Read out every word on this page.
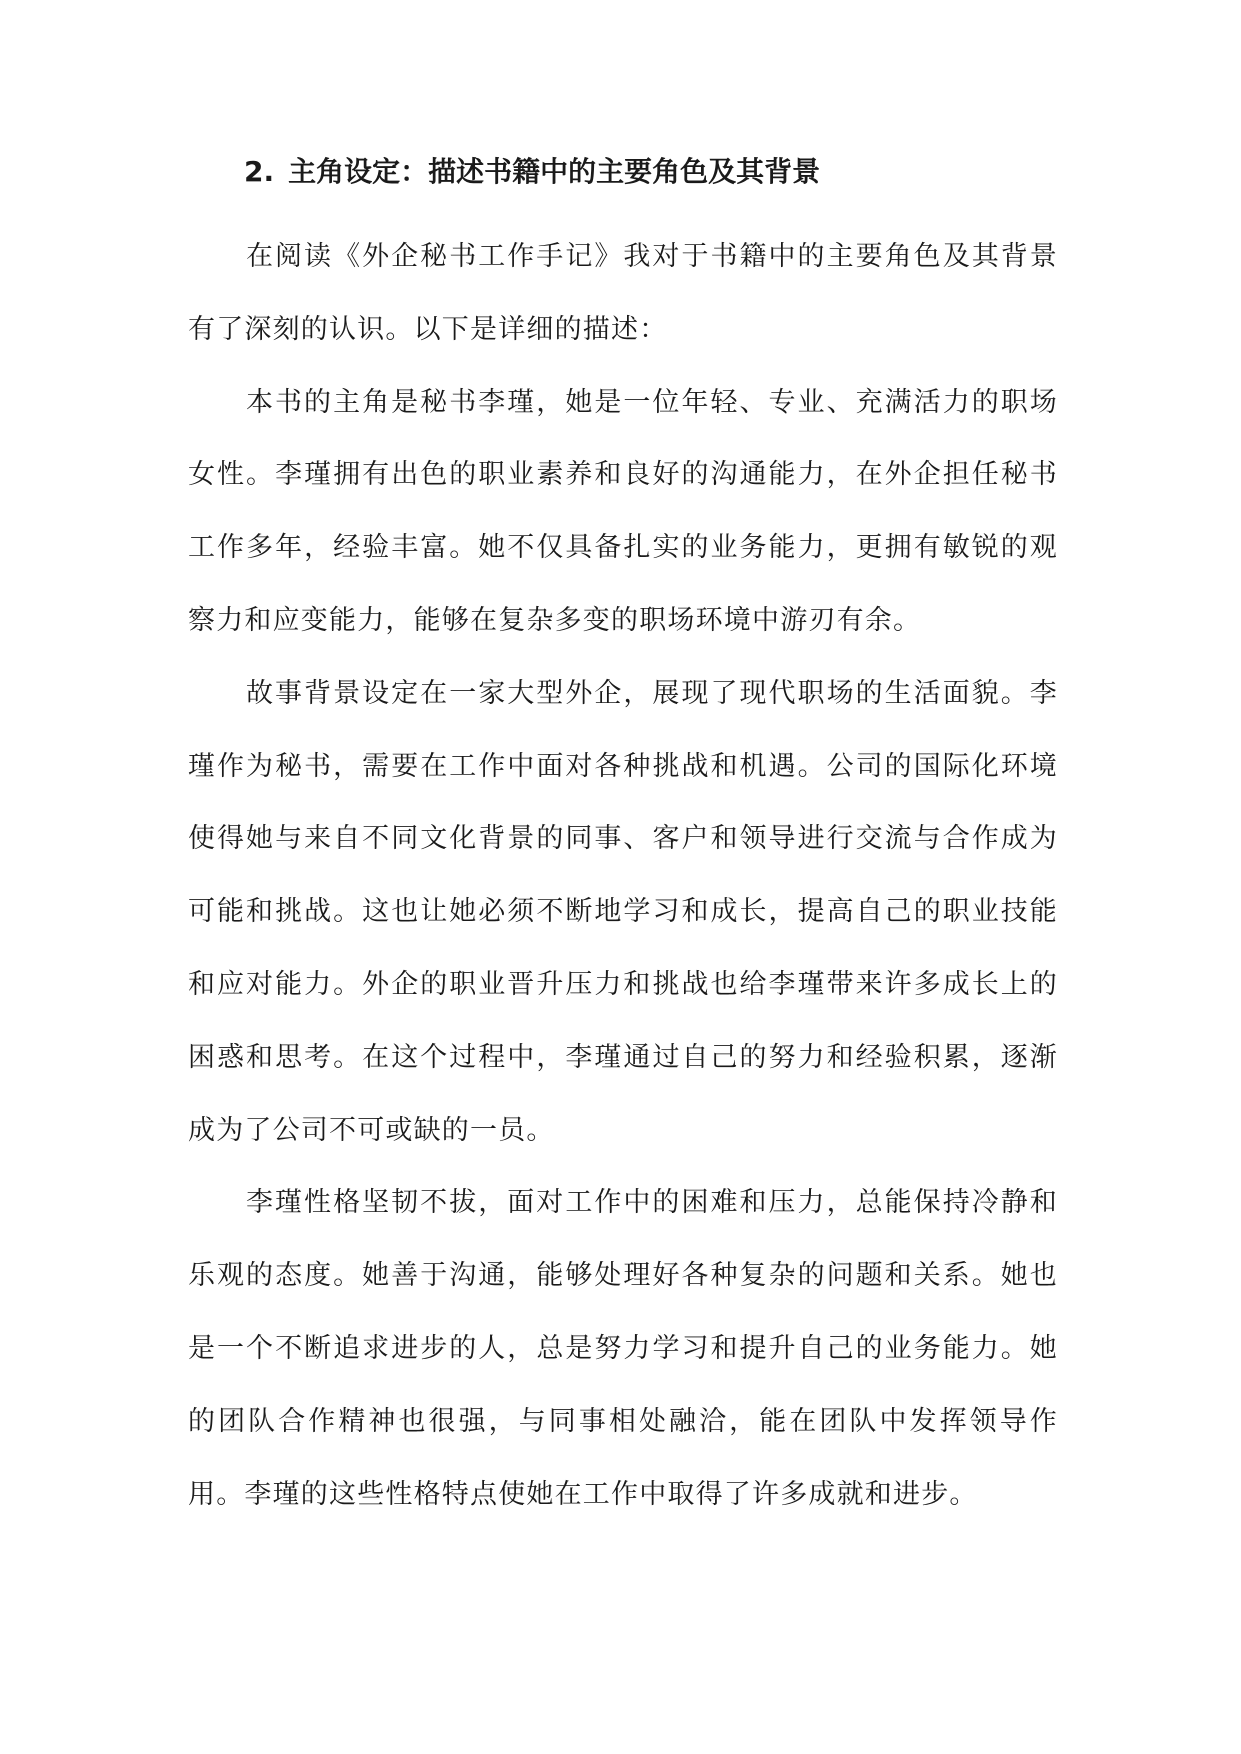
2. 主角设定：描述书籍中的主要角色及其背景

在阅读《外企秘书工作手记》我对于书籍中的主要角色及其背景有了深刻的认识。以下是详细的描述：

本书的主角是秘书李瑾，她是一位年轻、专业、充满活力的职场女性。李瑾拥有出色的职业素养和良好的沟通能力，在外企担任秘书工作多年，经验丰富。她不仅具备扎实的业务能力，更拥有敏锐的观察力和应变能力，能够在复杂多变的职场环境中游刃有余。

故事背景设定在一家大型外企，展现了现代职场的生活面貌。李瑾作为秘书，需要在工作中面对各种挑战和机遇。公司的国际化环境使得她与来自不同文化背景的同事、客户和领导进行交流与合作成为可能和挑战。这也让她必须不断地学习和成长，提高自己的职业技能和应对能力。外企的职业晋升压力和挑战也给李瑾带来许多成长上的困惑和思考。在这个过程中，李瑾通过自己的努力和经验积累，逐渐成为了公司不可或缺的一员。

李瑾性格坚韧不拔，面对工作中的困难和压力，总能保持冷静和乐观的态度。她善于沟通，能够处理好各种复杂的问题和关系。她也是一个不断追求进步的人，总是努力学习和提升自己的业务能力。她的团队合作精神也很强，与同事相处融洽，能在团队中发挥领导作用。李瑾的这些性格特点使她在工作中取得了许多成就和进步。
